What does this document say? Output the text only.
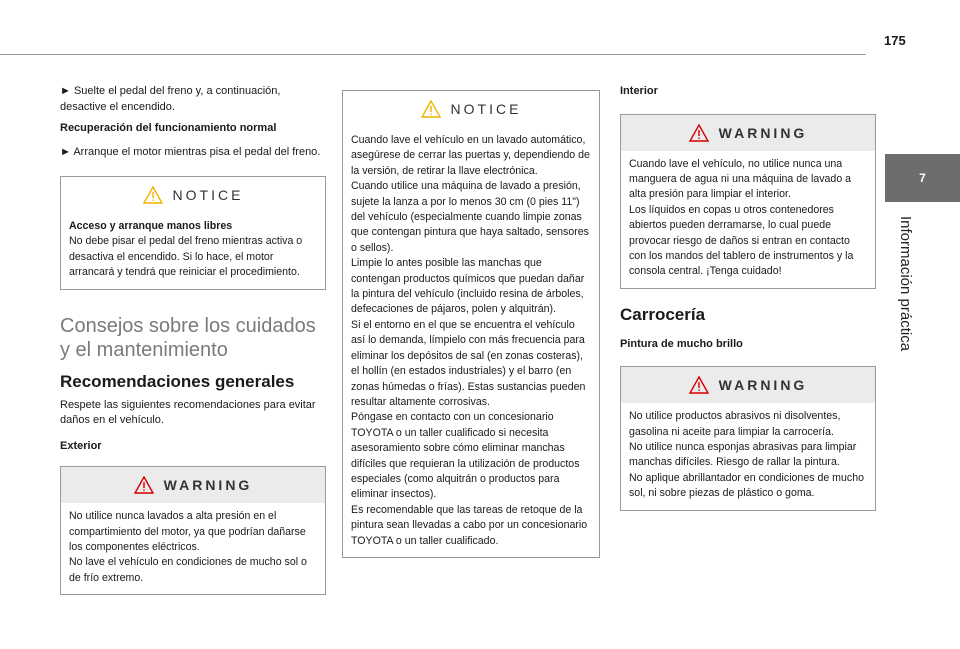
175
7
Información práctica

► Suelte el pedal del freno y, a continuación, desactive el encendido.

Recuperación del funcionamiento normal

► Arranque el motor mientras pisa el pedal del freno.

NOTICE

Acceso y arranque manos libres

No debe pisar el pedal del freno mientras activa o desactiva el encendido. Si lo hace, el motor arrancará y tendrá que reiniciar el procedimiento.

Consejos sobre los cuidados y el mantenimiento
Recomendaciones generales

Respete las siguientes recomendaciones para evitar daños en el vehículo.

Exterior

WARNING

No utilice nunca lavados a alta presión en el compartimiento del motor, ya que podrían dañarse los componentes eléctricos.

No lave el vehículo en condiciones de mucho sol o de frío extremo.

NOTICE

Cuando lave el vehículo en un lavado automático, asegúrese de cerrar las puertas y, dependiendo de la versión, de retirar la llave electrónica.

Cuando utilice una máquina de lavado a presión, sujete la lanza a por lo menos 30 cm (0 pies 11") del vehículo (especialmente cuando limpie zonas que contengan pintura que haya saltado, sensores o sellos).

Limpie lo antes posible las manchas que contengan productos químicos que puedan dañar la pintura del vehículo (incluido resina de árboles, defecaciones de pájaros, polen y alquitrán).

Si el entorno en el que se encuentra el vehículo así lo demanda, límpielo con más frecuencia para eliminar los depósitos de sal (en zonas costeras), el hollín (en estados industriales) y el barro (en zonas húmedas o frías). Estas sustancias pueden resultar altamente corrosivas.

Póngase en contacto con un concesionario TOYOTA o un taller cualificado si necesita asesoramiento sobre cómo eliminar manchas difíciles que requieran la utilización de productos especiales (como alquitrán o productos para eliminar insectos).

Es recomendable que las tareas de retoque de la pintura sean llevadas a cabo por un concesionario TOYOTA o un taller cualificado.

Interior

WARNING

Cuando lave el vehículo, no utilice nunca una manguera de agua ni una máquina de lavado a alta presión para limpiar el interior.

Los líquidos en copas u otros contenedores abiertos pueden derramarse, lo cual puede provocar riesgo de daños si entran en contacto con los mandos del tablero de instrumentos y la consola central. ¡Tenga cuidado!

Carrocería

Pintura de mucho brillo

WARNING

No utilice productos abrasivos ni disolventes, gasolina ni aceite para limpiar la carrocería.

No utilice nunca esponjas abrasivas para limpiar manchas difíciles. Riesgo de rallar la pintura.

No aplique abrillantador en condiciones de mucho sol, ni sobre piezas de plástico o goma.
